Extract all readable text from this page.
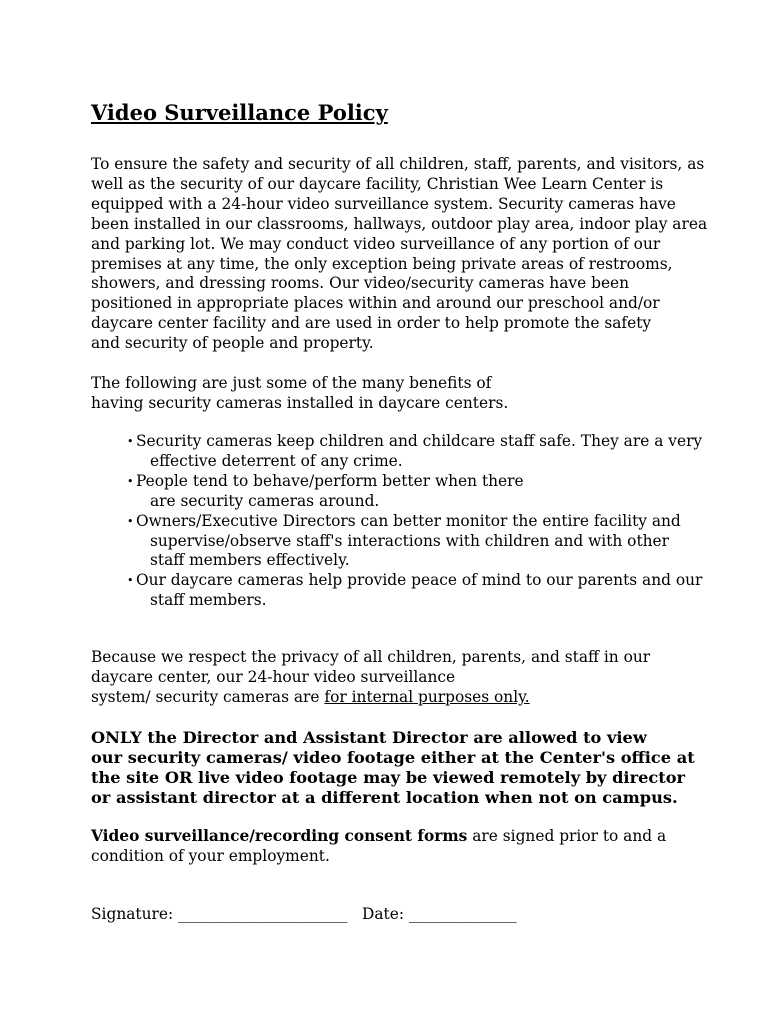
Video Surveillance Policy

To ensure the safety and security of all children, staff, parents, and visitors, as
well as the security of our daycare facility, Christian Wee Learn Center is
equipped with a 24-hour video surveillance system. Security cameras have
been installed in our classrooms, hallways, outdoor play area, indoor play area
and parking lot. We may conduct video surveillance of any portion of our
premises at any time, the only exception being private areas of restrooms,
showers, and dressing rooms. Our video/security cameras have been
positioned in appropriate places within and around our preschool and/or
daycare center facility and are used in order to help promote the safety
and security of people and property.

The following are just some of the many benefits of
having security cameras installed in daycare centers.

• Security cameras keep children and childcare staff safe. They are a very
effective deterrent of any crime.
• People tend to behave/perform better when there
are security cameras around.
• Owners/Executive Directors can better monitor the entire facility and
supervise/observe staff's interactions with children and with other
staff members effectively.
• Our daycare cameras help provide peace of mind to our parents and our
staff members.

Because we respect the privacy of all children, parents, and staff in our
daycare center, our 24-hour video surveillance
system/ security cameras are for internal purposes only.

ONLY the Director and Assistant Director are allowed to view
our security cameras/ video footage either at the Center's office at
the site OR live video footage may be viewed remotely by director
or assistant director at a different location when not on campus.

Video surveillance/recording consent forms are signed prior to and a
condition of your employment.

Signature: ______________________ Date: ______________
